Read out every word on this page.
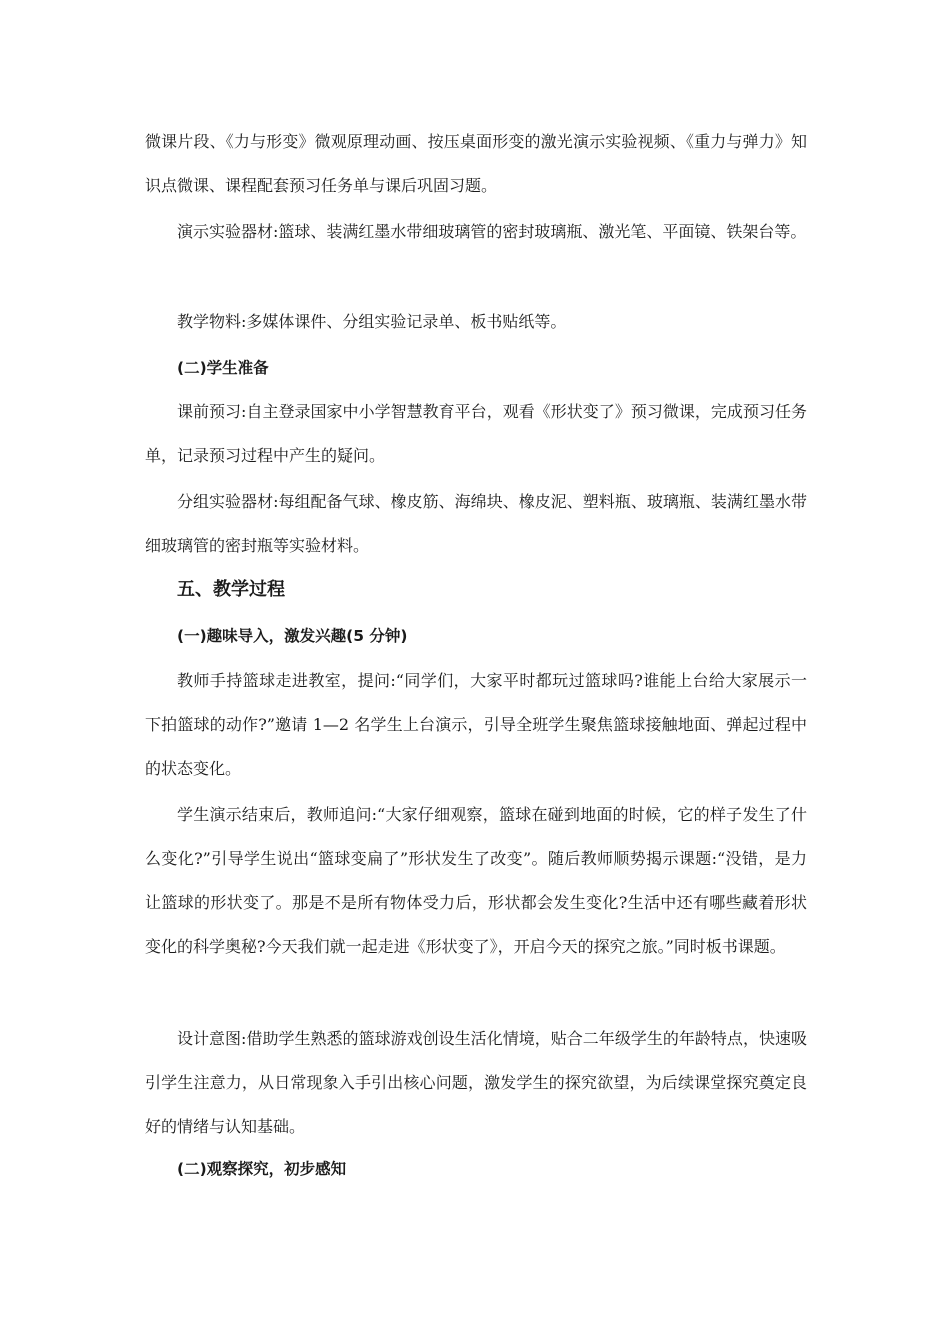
微课片段、《力与形变》微观原理动画、按压桌面形变的激光演示实验视频、《重力与弹力》知识点微课、课程配套预习任务单与课后巩固习题。

演示实验器材:篮球、装满红墨水带细玻璃管的密封玻璃瓶、激光笔、平面镜、铁架台等。

教学物料:多媒体课件、分组实验记录单、板书贴纸等。

(二)学生准备

课前预习:自主登录国家中小学智慧教育平台，观看《形状变了》预习微课，完成预习任务单，记录预习过程中产生的疑问。

分组实验器材:每组配备气球、橡皮筋、海绵块、橡皮泥、塑料瓶、玻璃瓶、装满红墨水带细玻璃管的密封瓶等实验材料。

五、教学过程
(一)趣味导入，激发兴趣(5 分钟)

教师手持篮球走进教室，提问:“同学们，大家平时都玩过篮球吗?谁能上台给大家展示一下拍篮球的动作?”邀请 1—2 名学生上台演示，引导全班学生聚焦篮球接触地面、弹起过程中的状态变化。

学生演示结束后，教师追问:“大家仔细观察，篮球在碰到地面的时候，它的样子发生了什么变化?”引导学生说出“篮球变扁了”形状发生了改变”。随后教师顺势揭示课题:“没错，是力让篮球的形状变了。那是不是所有物体受力后，形状都会发生变化?生活中还有哪些藏着形状变化的科学奥秘?今天我们就一起走进《形状变了》，开启今天的探究之旅。”同时板书课题。

设计意图:借助学生熟悉的篮球游戏创设生活化情境，贴合二年级学生的年龄特点，快速吸引学生注意力，从日常现象入手引出核心问题，激发学生的探究欲望，为后续课堂探究奠定良好的情绪与认知基础。

(二)观察探究，初步感知
